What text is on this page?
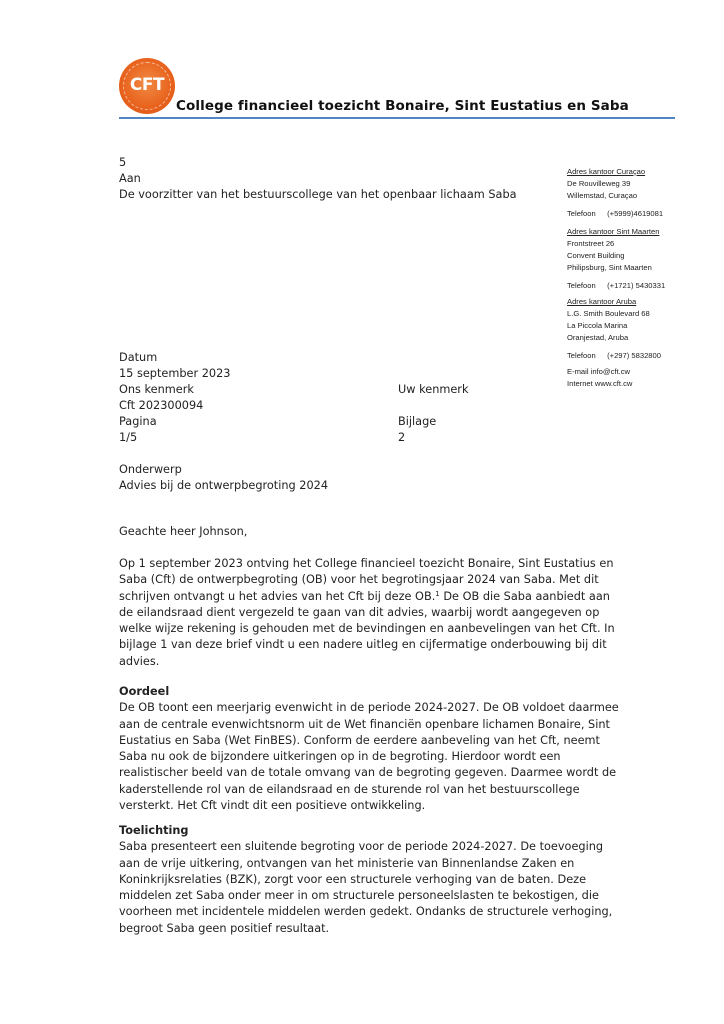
CFT
College financieel toezicht Bonaire, Sint Eustatius en Saba
5
Aan
De voorzitter van het bestuurscollege van het openbaar lichaam Saba
Adres kantoor Curaçao
De Rouvilleweg 39
Willemstad, Curaçao
Telefoon (+5999)4619081
Adres kantoor Sint Maarten
Frontstreet 26
Convent Building
Philipsburg, Sint Maarten
Telefoon (+1721) 5430331
Adres kantoor Aruba
L.G. Smith Boulevard 68
La Piccola Marina
Oranjestad, Aruba
Telefoon (+297) 5832800
E-mail info@cft.cw
Internet www.cft.cw
Datum
15 september 2023
Ons kenmerk	Uw kenmerk
Cft 202300094
Pagina	Bijlage
1/5	2
Onderwerp
Advies bij de ontwerpbegroting 2024
Geachte heer Johnson,

Op 1 september 2023 ontving het College financieel toezicht Bonaire, Sint Eustatius en

Saba (Cft) de ontwerpbegroting (OB) voor het begrotingsjaar 2024 van Saba. Met dit

schrijven ontvangt u het advies van het Cft bij deze OB.$^1$ De OB die Saba aanbiedt aan

de eilandsraad dient vergezeld te gaan van dit advies, waarbij wordt aangegeven op

welke wijze rekening is gehouden met de bevindingen en aanbevelingen van het Cft. In

bijlage 1 van deze brief vindt u een nadere uitleg en cijfermatige onderbouwing bij dit

advies.

Oordeel

De OB toont een meerjarig evenwicht in de periode 2024-2027. De OB voldoet daarmee

aan de centrale evenwichtsnorm uit de Wet financiën openbare lichamen Bonaire, Sint

Eustatius en Saba (Wet FinBES). Conform de eerdere aanbeveling van het Cft, neemt

Saba nu ook de bijzondere uitkeringen op in de begroting. Hierdoor wordt een

realistischer beeld van de totale omvang van de begroting gegeven. Daarmee wordt de

kaderstellende rol van de eilandsraad en de sturende rol van het bestuurscollege

versterkt. Het Cft vindt dit een positieve ontwikkeling.

Toelichting

Saba presenteert een sluitende begroting voor de periode 2024-2027. De toevoeging

aan de vrije uitkering, ontvangen van het ministerie van Binnenlandse Zaken en

Koninkrijksrelaties (BZK), zorgt voor een structurele verhoging van de baten. Deze

middelen zet Saba onder meer in om structurele personeelslasten te bekostigen, die

voorheen met incidentele middelen werden gedekt. Ondanks de structurele verhoging,

begroot Saba geen positief resultaat.
